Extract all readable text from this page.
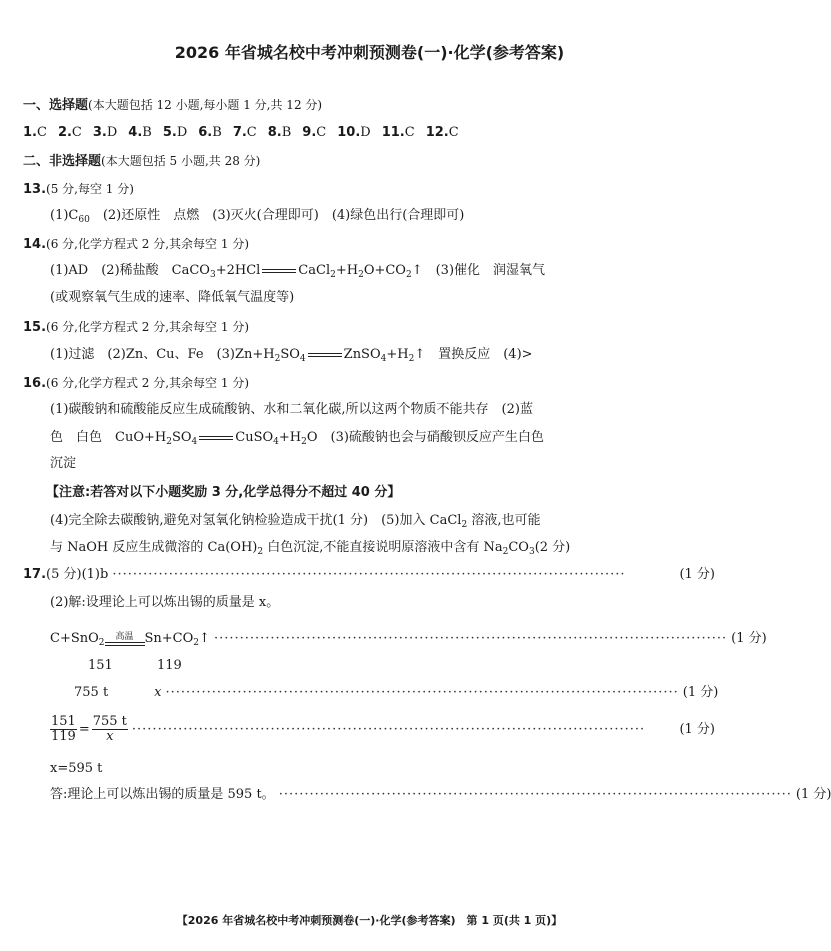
2026 年省城名校中考冲刺预测卷(一)·化学(参考答案)
一、选择题(本大题包括 12 小题,每小题 1 分,共 12 分)
1.C 2.C 3.D 4.B 5.D 6.B 7.C 8.B 9.C 10.D 11.C 12.C
二、非选择题(本大题包括 5 小题,共 28 分)
13.(5 分,每空 1 分)
$(1)C_{60}$　 (2)还原性　点燃　(3)灭火(合理即可)　(4)绿色出行(合理即可)
14.(6 分,化学方程式 2 分,其余每空 1 分)
(1)AD　(2)稀盐酸　CaCO$_3$+2HCl	$CaCl_2+H_2O+CO_2↑$　(3)催化　润湿氧气
(或观察氧气生成的速率、降低氧气温度等)
15.(6 分,化学方程式 2 分,其余每空 1 分)
(1)过滤　(2)Zn、Cu、Fe　$(3)Zn+H_2SO_4$	$ZnSO_4+H_2↑$　置换反应　(4)>
16.(6 分,化学方程式 2 分,其余每空 1 分)
(1)碳酸钠和硫酸能反应生成硫酸钠、水和二氧化碳,所以这两个物质不能共存　(2)蓝
色　白色　$CuO+H_2SO_4$	$CuSO_4+H_2O$　(3)硫酸钠也会与硝酸钡反应产生白色
沉淀
【注意:若答对以下小题奖励 3 分,化学总得分不超过 40 分】
(4)完全除去碳酸钠,避免对氢氧化钠检验造成干扰(1 分)　(5)加入 CaCl$_2$ 溶液,也可能
与 NaOH 反应生成微溶的 $Ca(OH)_2$ 白色沉淀,不能直接说明原溶液中含有 $Na_2CO_3(2$ 分)
17.(5 分)(1)b ····································································································	(1 分)
(2)解:设理论上可以炼出锡的质量是 x。
C+SnO$_2$
高温 $Sn+CO_2↑$ ···································································································· (1 分)
151	119
755 t	x ···································································································· (1 分)
$\frac{151}{119} = \frac{755 t}{x}$ ····································································································	(1 分)
x=595 t
答:理论上可以炼出锡的质量是 595 t。 ···································································································· (1 分)
【2026 年省城名校中考冲刺预测卷(一)·化学(参考答案)　第 1 页(共 1 页)】
